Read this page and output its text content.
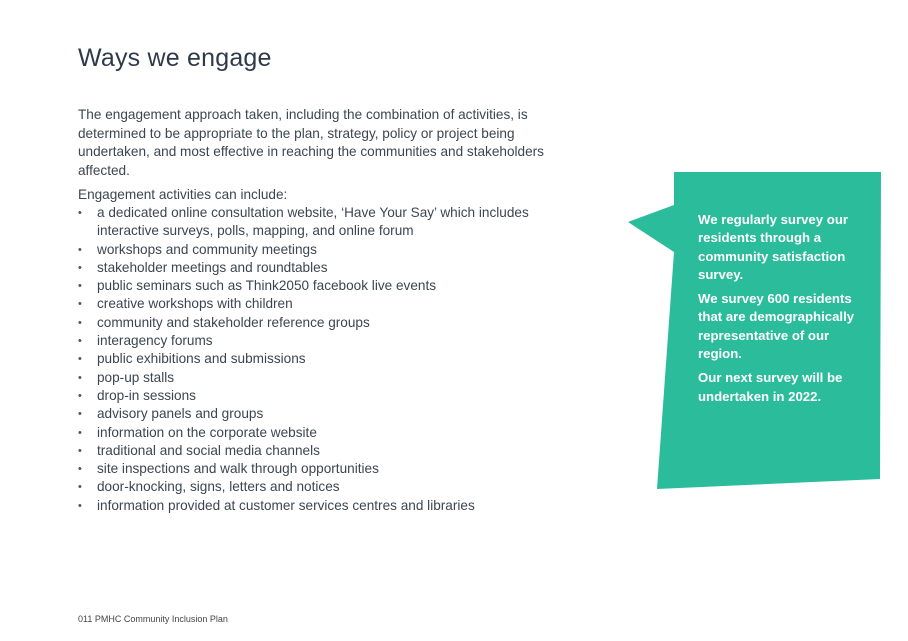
Ways we engage

The engagement approach taken, including the combination of activities, is determined to be appropriate to the plan, strategy, policy or project being undertaken, and most effective in reaching the communities and stakeholders affected.

Engagement activities can include:

• a dedicated online consultation website, ‘Have Your Say’ which includes interactive surveys, polls, mapping, and online forum
• workshops and community meetings
• stakeholder meetings and roundtables
• public seminars such as Think2050 facebook live events
• creative workshops with children
• community and stakeholder reference groups
• interagency forums
• public exhibitions and submissions
• pop-up stalls
• drop-in sessions
• advisory panels and groups
• information on the corporate website
• traditional and social media channels
• site inspections and walk through opportunities
• door-knocking, signs, letters and notices
• information provided at customer services centres and libraries

We regularly survey our residents through a community satisfaction survey.

We survey 600 residents that are demographically representative of our region.

Our next survey will be undertaken in 2022.

011 PMHC Community Inclusion Plan
